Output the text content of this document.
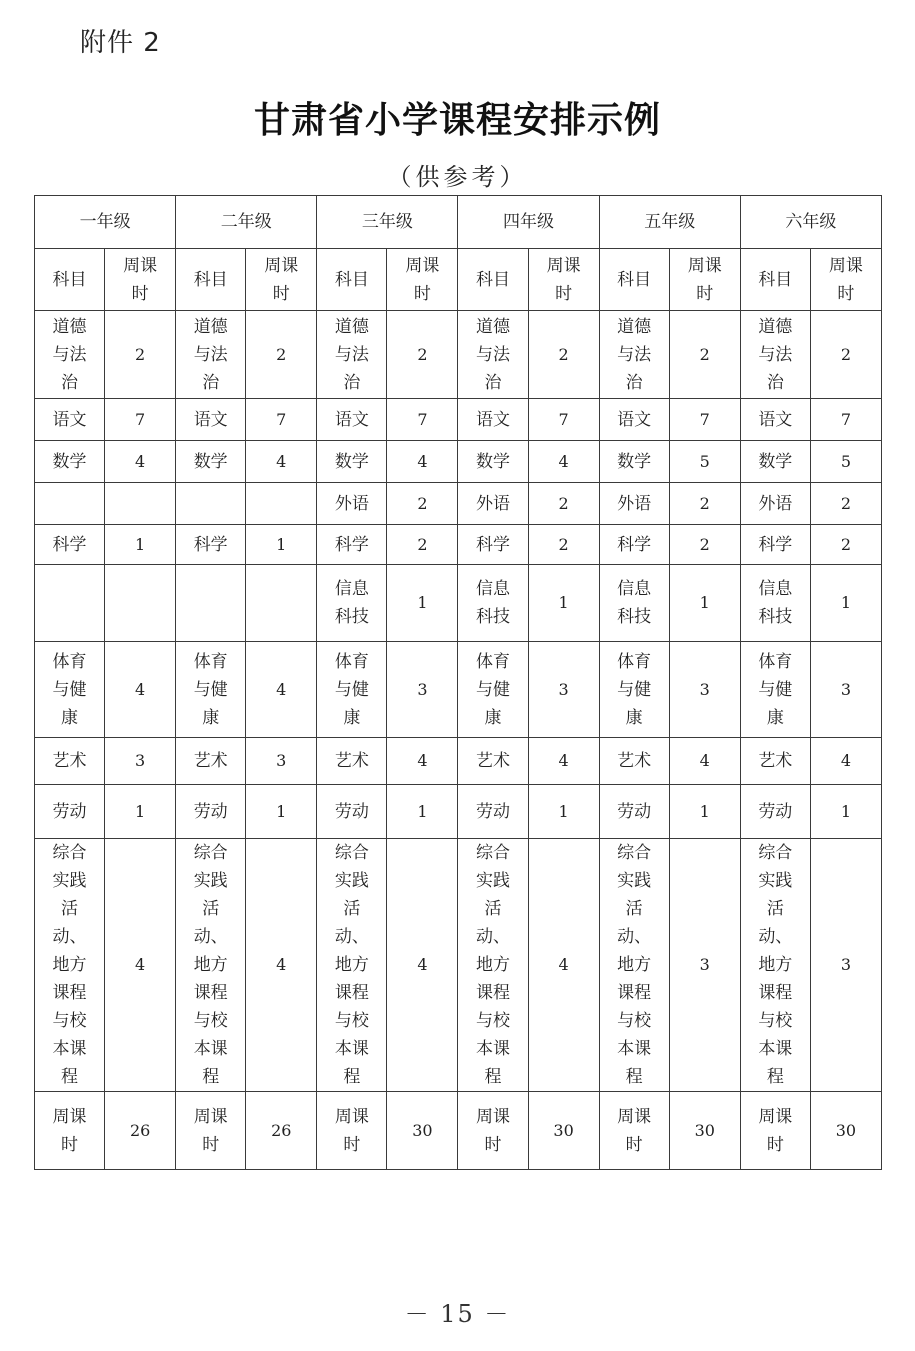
附件 2
甘肃省小学课程安排示例
（供参考）
一年级		二年级		三年级		四年级		五年级		六年级	
科目	周课时	科目	周课时	科目	周课时	科目	周课时	科目	周课时	科目	周课时
道德与法治	2	道德与法治	2	道德与法治	2	道德与法治	2	道德与法治	2	道德与法治	2
语文	7	语文	7	语文	7	语文	7	语文	7	语文	7
数学	4	数学	4	数学	4	数学	4	数学	5	数学	5
				外语	2	外语	2	外语	2	外语	2
科学	1	科学	1	科学	2	科学	2	科学	2	科学	2
				信息科技	1	信息科技	1	信息科技	1	信息科技	1
体育与健康	4	体育与健康	4	体育与健康	3	体育与健康	3	体育与健康	3	体育与健康	3
艺术	3	艺术	3	艺术	4	艺术	4	艺术	4	艺术	4
劳动	1	劳动	1	劳动	1	劳动	1	劳动	1	劳动	1
综合实践活动、地方课程与校本课程	4	综合实践活动、地方课程与校本课程	4	综合实践活动、地方课程与校本课程	4	综合实践活动、地方课程与校本课程	4	综合实践活动、地方课程与校本课程	3	综合实践活动、地方课程与校本课程	3
周课时	26	周课时	26	周课时	30	周课时	30	周课时	30	周课时	30
－ 15 －
